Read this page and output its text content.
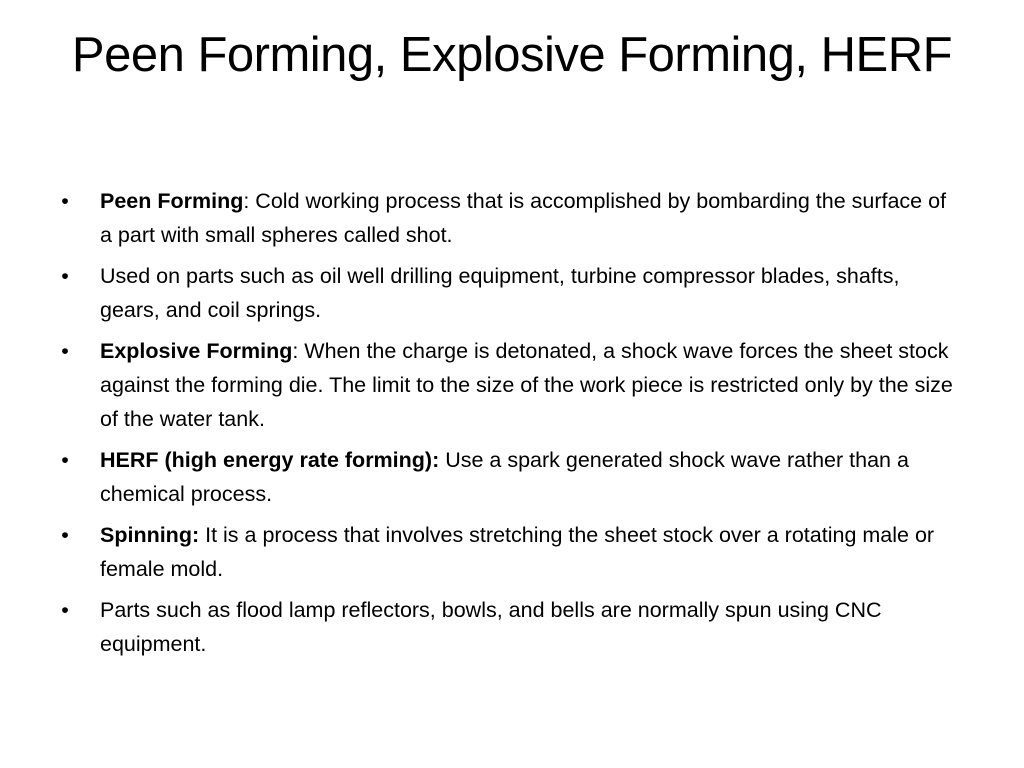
Peen Forming, Explosive Forming, HERF
• Peen Forming: Cold working process that is accomplished by bombarding the surface of a part with small spheres called shot.
• Used on parts such as oil well drilling equipment, turbine compressor blades, shafts, gears, and coil springs.
• Explosive Forming: When the charge is detonated, a shock wave forces the sheet stock against the forming die. The limit to the size of the work piece is restricted only by the size of the water tank.
• HERF (high energy rate forming): Use a spark generated shock wave rather than a chemical process.
• Spinning: It is a process that involves stretching the sheet stock over a rotating male or female mold.
• Parts such as flood lamp reflectors, bowls, and bells are normally spun using CNC equipment.
